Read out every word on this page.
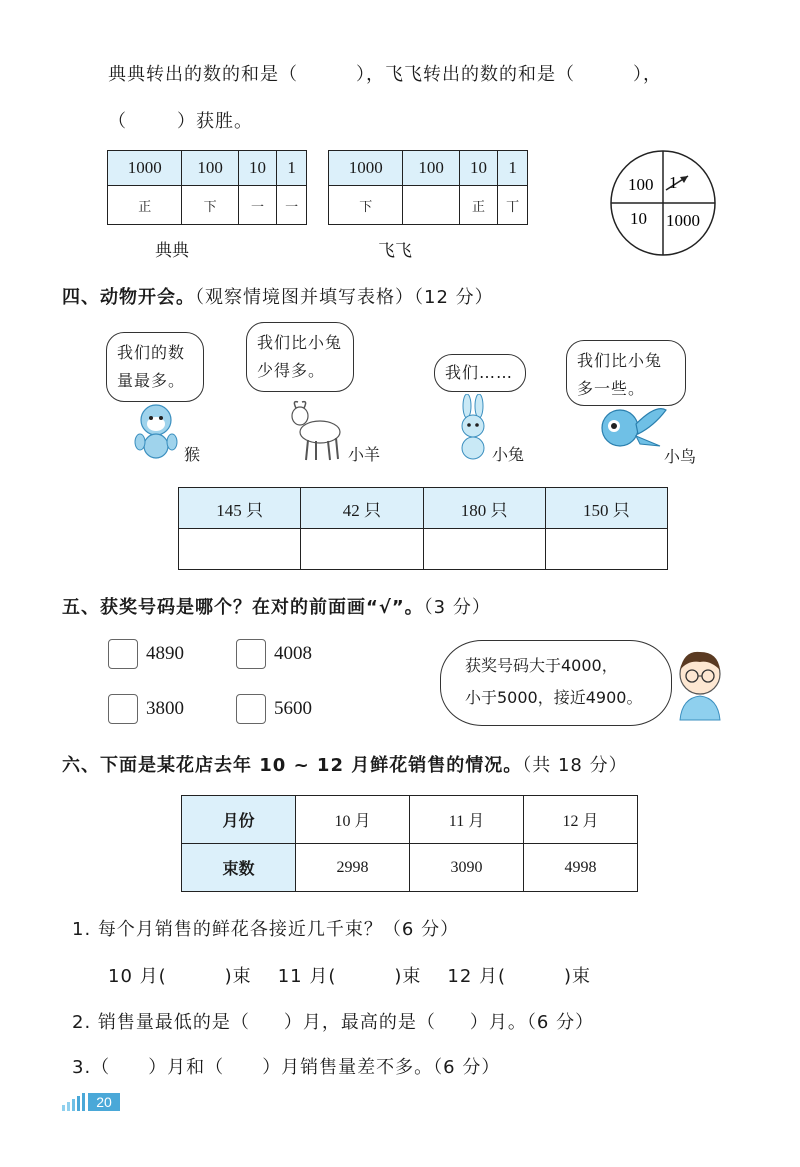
典典转出的数的和是（	），飞飞转出的数的和是（	），
（	）获胜。
1000	100	10	1
正	下	一	一
典典
1000	100	10	1
下		正	丅
飞飞
100 1
10 1000
四、动物开会。（观察情境图并填写表格）（12 分）
我们的数量最多。
我们比小兔少得多。	我们……
我们比小兔多一些。
猴	小羊	小兔	小鸟
145 只	42 只	180 只	150 只

五、获奖号码是哪个？在对的前面画“√”。（3 分）
4890	4008
3800	5600
获奖号码大于4000，
小于5000，接近4900。
六、下面是某花店去年 10 ~ 12 月鲜花销售的情况。（共 18 分）
月份	10 月	11 月	12 月
束数	2998	3090	4998
1. 每个月销售的鲜花各接近几千束？（6 分）
10 月(	)束 11 月(	)束 12 月(	)束
2. 销售量最低的是（ ）月，最高的是（ ）月。（6 分）
3.（ ）月和（ ）月销售量差不多。（6 分）
20
